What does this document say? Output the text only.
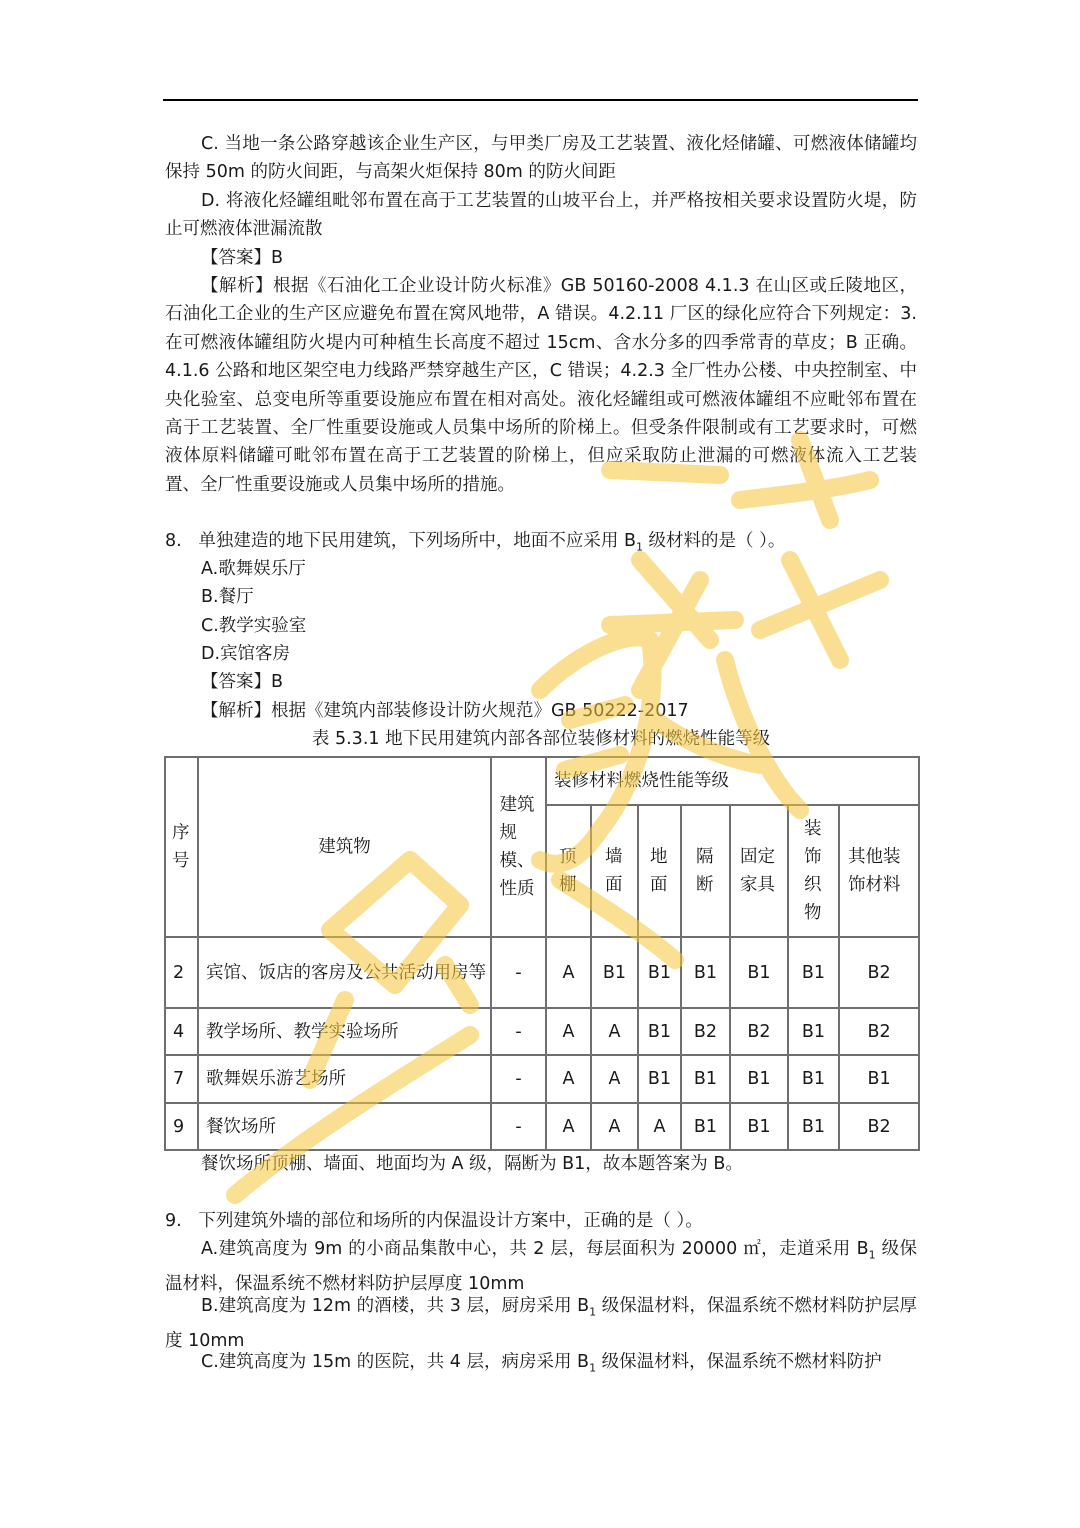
C. 当地一条公路穿越该企业生产区，与甲类厂房及工艺装置、液化烃储罐、可燃液体储罐均保持 50m 的防火间距，与高架火炬保持 80m 的防火间距

D. 将液化烃罐组毗邻布置在高于工艺装置的山坡平台上，并严格按相关要求设置防火堤，防止可燃液体泄漏流散

【答案】B

【解析】根据《石油化工企业设计防火标准》GB 50160-2008 4.1.3 在山区或丘陵地区，石油化工企业的生产区应避免布置在窝风地带，A 错误。4.2.11 厂区的绿化应符合下列规定：3. 在可燃液体罐组防火堤内可种植生长高度不超过 15cm、含水分多的四季常青的草皮；B 正确。4.1.6 公路和地区架空电力线路严禁穿越生产区，C 错误；4.2.3 全厂性办公楼、中央控制室、中央化验室、总变电所等重要设施应布置在相对高处。液化烃罐组或可燃液体罐组不应毗邻布置在高于工艺装置、全厂性重要设施或人员集中场所的阶梯上。但受条件限制或有工艺要求时，可燃液体原料储罐可毗邻布置在高于工艺装置的阶梯上，但应采取防止泄漏的可燃液体流入工艺装置、全厂性重要设施或人员集中场所的措施。

8.   单独建造的地下民用建筑，下列场所中，地面不应采用 $B_1$ 级材料的是（ ）。

A.歌舞娱乐厅

B.餐厅

C.教学实验室

D.宾馆客房

【答案】B

【解析】根据《建筑内部装修设计防火规范》GB 50222-2017

表 5.3.1 地下民用建筑内部各部位装修材料的燃烧性能等级

序号	建筑物	建筑规模、性质	装修材料燃烧性能等级						
			顶棚	墙面	地面	隔断	固定家具	装饰织物	其他装饰材料
2	宾馆、饭店的客房及公共活动用房等	-	A	B1	B1	B1	B1	B1	B2
4	教学场所、教学实验场所	-	A	A	B1	B2	B2	B1	B2
7	歌舞娱乐游艺场所	-	A	A	B1	B1	B1	B1	B1
9	餐饮场所	-	A	A	A	B1	B1	B1	B2

餐饮场所顶棚、墙面、地面均为 A 级，隔断为 B1，故本题答案为 B。

9.   下列建筑外墙的部位和场所的内保温设计方案中，正确的是（ ）。

A.建筑高度为 9m 的小商品集散中心，共 2 层，每层面积为 20000 ㎡，走道采用 $B_1$ 级保温材料，保温系统不燃材料防护层厚度 10mm

B.建筑高度为 12m 的酒楼，共 3 层，厨房采用 $B_1$ 级保温材料，保温系统不燃材料防护层厚度 10mm

C.建筑高度为 15m 的医院，共 4 层，病房采用 $B_1$ 级保温材料，保温系统不燃材料防护
